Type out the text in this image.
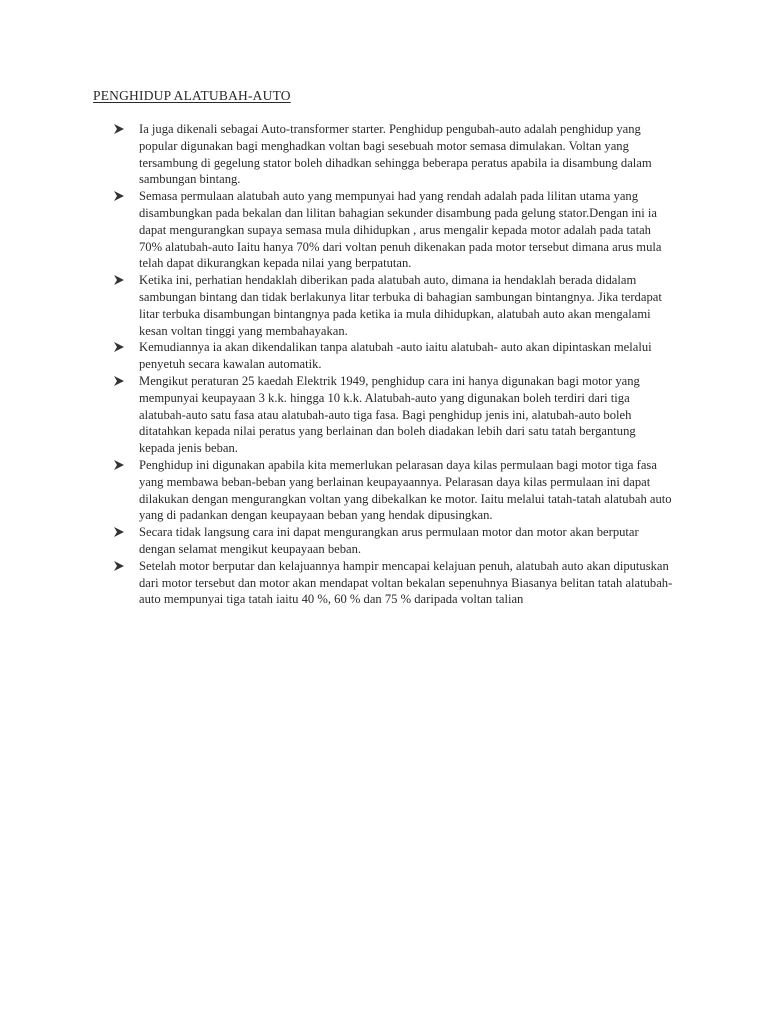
PENGHIDUP ALATUBAH-AUTO
Ia juga dikenali sebagai Auto-transformer starter. Penghidup pengubah-auto adalah penghidup yang popular digunakan bagi menghadkan voltan bagi sesebuah motor semasa dimulakan. Voltan yang tersambung di gegelung stator boleh dihadkan sehingga beberapa peratus apabila ia disambung dalam sambungan bintang.
Semasa permulaan alatubah auto yang mempunyai had yang rendah adalah pada lilitan utama yang disambungkan pada bekalan dan lilitan bahagian sekunder disambung pada gelung stator.Dengan ini ia dapat mengurangkan supaya semasa mula dihidupkan , arus mengalir kepada motor adalah pada tatah 70% alatubah-auto Iaitu hanya 70% dari voltan penuh dikenakan pada motor tersebut dimana arus mula telah dapat dikurangkan kepada nilai yang berpatutan.
Ketika ini, perhatian hendaklah diberikan pada alatubah auto, dimana ia hendaklah berada didalam sambungan bintang dan tidak berlakunya litar terbuka di bahagian sambungan bintangnya. Jika terdapat litar terbuka disambungan bintangnya pada ketika ia mula dihidupkan, alatubah auto akan mengalami kesan voltan tinggi yang membahayakan.
Kemudiannya ia akan dikendalikan tanpa alatubah -auto iaitu alatubah- auto akan dipintaskan melalui penyetuh secara kawalan automatik.
Mengikut peraturan 25 kaedah Elektrik 1949, penghidup cara ini hanya digunakan bagi motor yang mempunyai keupayaan 3 k.k. hingga 10 k.k. Alatubah-auto yang digunakan boleh terdiri dari tiga alatubah-auto satu fasa atau alatubah-auto tiga fasa. Bagi penghidup jenis ini, alatubah-auto boleh ditatahkan kepada nilai peratus yang berlainan dan boleh diadakan lebih dari satu tatah bergantung kepada jenis beban.
Penghidup ini digunakan apabila kita memerlukan pelarasan daya kilas permulaan bagi motor tiga fasa yang membawa beban-beban yang berlainan keupayaannya. Pelarasan daya kilas permulaan ini dapat dilakukan dengan mengurangkan voltan yang dibekalkan ke motor. Iaitu melalui tatah-tatah alatubah auto yang di padankan dengan keupayaan beban yang hendak dipusingkan.
Secara tidak langsung cara ini dapat mengurangkan arus permulaan motor dan motor akan berputar dengan selamat mengikut keupayaan beban.
Setelah motor berputar dan kelajuannya hampir mencapai kelajuan penuh, alatubah auto akan diputuskan dari motor tersebut dan motor akan mendapat voltan bekalan sepenuhnya Biasanya belitan tatah alatubah-auto mempunyai tiga tatah iaitu 40 %, 60 % dan 75 % daripada voltan talian
